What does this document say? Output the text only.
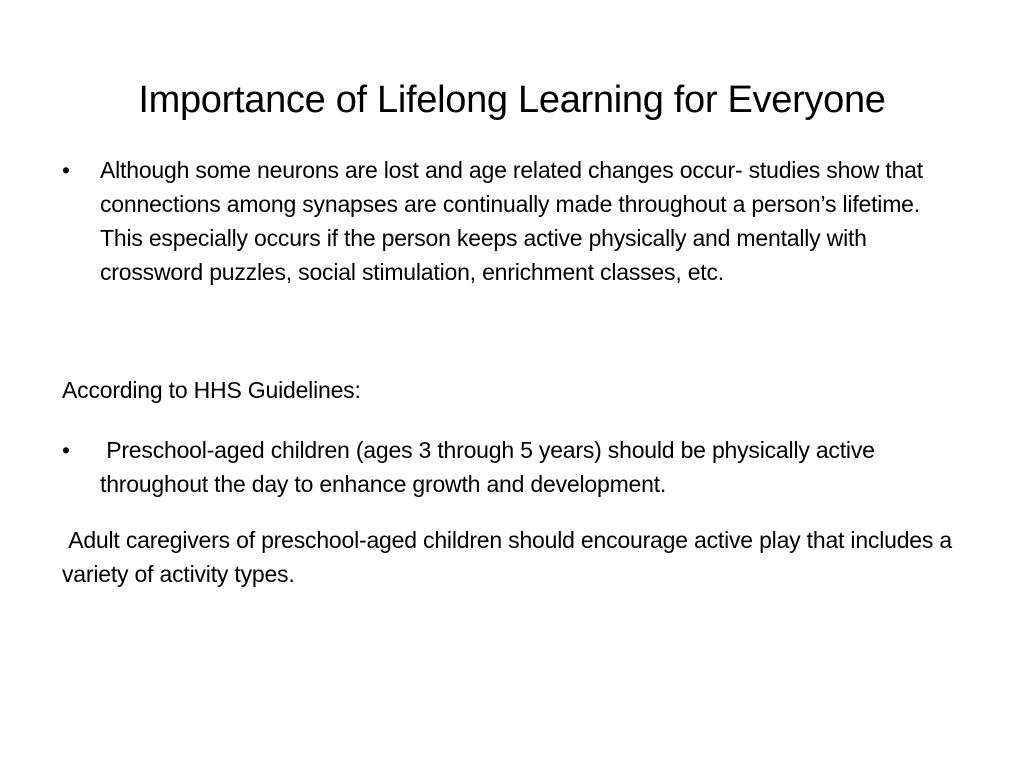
Importance of Lifelong Learning for Everyone

•	Although some neurons are lost and age related changes occur- studies show that connections among synapses are continually made throughout a person’s lifetime. This especially occurs if the person keeps active physically and mentally with crossword puzzles, social stimulation, enrichment classes, etc.

According to HHS Guidelines:

•	Preschool-aged children (ages 3 through 5 years) should be physically active throughout the day to enhance growth and development.

Adult caregivers of preschool-aged children should encourage active play that includes a variety of activity types.
